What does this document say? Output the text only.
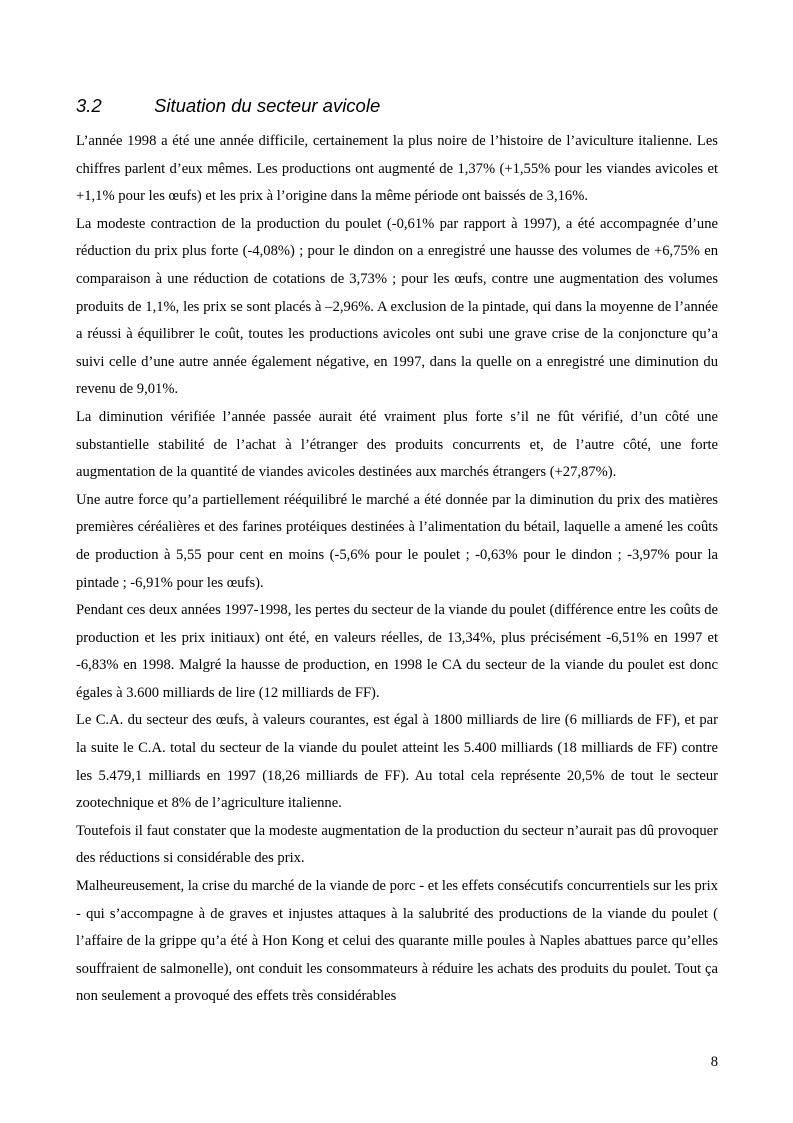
3.2	Situation du secteur avicole

L’année 1998 a été une année difficile, certainement la plus noire de l’histoire de l’aviculture italienne. Les chiffres parlent d’eux mêmes. Les productions ont augmenté de 1,37% (+1,55% pour les viandes avicoles et +1,1% pour les œufs) et les prix à l’origine dans la même période ont baissés de 3,16%.

La modeste contraction de la production du poulet (-0,61% par rapport à 1997), a été accompagnée d’une réduction du prix plus forte (-4,08%) ; pour le dindon on a enregistré une hausse des volumes de +6,75% en comparaison à une réduction de cotations de 3,73% ; pour les œufs, contre une augmentation des volumes produits de 1,1%, les prix se sont placés à –2,96%. A exclusion de la pintade, qui dans la moyenne de l’année a réussi à équilibrer le coût, toutes les productions avicoles ont subi une grave crise de la conjoncture qu’a suivi celle d’une autre année également négative, en 1997, dans la quelle on a enregistré une diminution du revenu de 9,01%.

La diminution vérifiée l’année passée aurait été vraiment plus forte s’il ne fût vérifié, d’un côté une substantielle stabilité de l’achat à l’étranger des produits concurrents et, de l’autre côté, une forte augmentation de la quantité de viandes avicoles destinées aux marchés étrangers (+27,87%).

Une autre force qu’a partiellement rééquilibré le marché a été donnée par la diminution du prix des matières premières céréalières et des farines protéiques destinées à l’alimentation du bétail, laquelle a amené les coûts de production à 5,55 pour cent en moins (-5,6% pour le poulet ; -0,63% pour le dindon ; -3,97% pour la pintade ; -6,91% pour les œufs).

Pendant ces deux années 1997-1998, les pertes du secteur de la viande du poulet (différence entre les coûts de production et les prix initiaux) ont été, en valeurs réelles, de 13,34%, plus précisément -6,51% en 1997 et -6,83% en 1998. Malgré la hausse de production, en 1998 le CA du secteur de la viande du poulet est donc égales à 3.600 milliards de lire (12 milliards de FF).

Le C.A. du secteur des œufs, à valeurs courantes, est égal à 1800 milliards de lire (6 milliards de FF), et par la suite le C.A. total du secteur de la viande du poulet atteint les 5.400 milliards (18 milliards de FF) contre les 5.479,1 milliards en 1997 (18,26 milliards de FF). Au total cela représente 20,5% de tout le secteur zootechnique et 8% de l’agriculture italienne.

Toutefois il faut constater que la modeste augmentation de la production du secteur n’aurait pas dû provoquer des réductions si considérable des prix.

Malheureusement, la crise du marché de la viande de porc - et les effets consécutifs concurrentiels sur les prix - qui s’accompagne à de graves et injustes attaques à la salubrité des productions de la viande du poulet ( l’affaire de la grippe qu’a été à Hon Kong et celui des quarante mille poules à Naples abattues parce qu’elles souffraient de salmonelle), ont conduit les consommateurs à réduire les achats des produits du poulet. Tout ça non seulement a provoqué des effets très considérables

8
